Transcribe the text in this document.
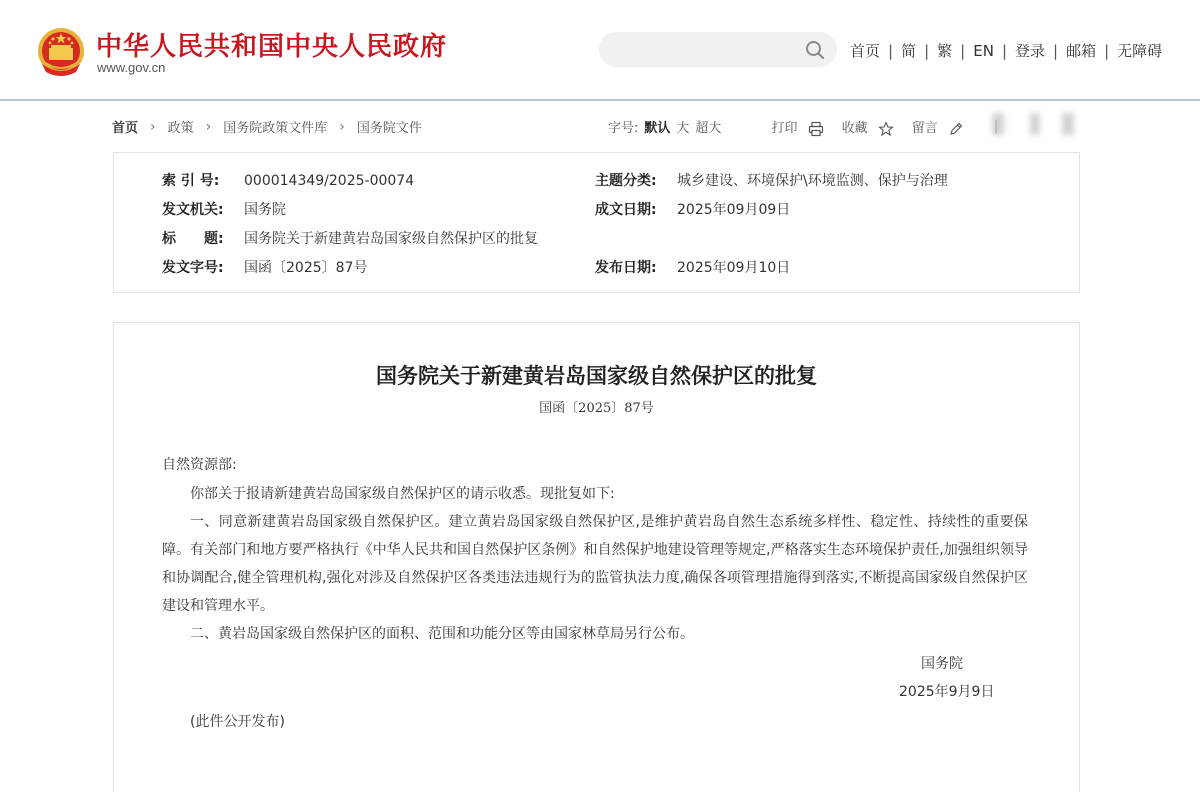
中华人民共和国中央人民政府
www.gov.cn
首页 | 简 | 繁 | EN | 登录 | 邮箱 | 无障碍
首页 › 政策 › 国务院政策文件库 › 国务院文件	字号: 默认 大 超大	打印	收藏	留言
索 引 号: 000014349/2025-00074	主题分类: 城乡建设、环境保护\环境监测、保护与治理
发文机关: 国务院	成文日期: 2025年09月09日
标　　题: 国务院关于新建黄岩岛国家级自然保护区的批复
发文字号: 国函〔2025〕87号	发布日期: 2025年09月10日
国务院关于新建黄岩岛国家级自然保护区的批复
国函〔2025〕87号
自然资源部:
你部关于报请新建黄岩岛国家级自然保护区的请示收悉。现批复如下:
一、同意新建黄岩岛国家级自然保护区。建立黄岩岛国家级自然保护区,是维护黄岩岛自然生态系统多样性、稳定性、持续性的重要保障。有关部门和地方要严格执行《中华人民共和国自然保护区条例》和自然保护地建设管理等规定,严格落实生态环境保护责任,加强组织领导和协调配合,健全管理机构,强化对涉及自然保护区各类违法违规行为的监管执法力度,确保各项管理措施得到落实,不断提高国家级自然保护区建设和管理水平。
二、黄岩岛国家级自然保护区的面积、范围和功能分区等由国家林草局另行公布。
国务院
2025年9月9日
(此件公开发布)
